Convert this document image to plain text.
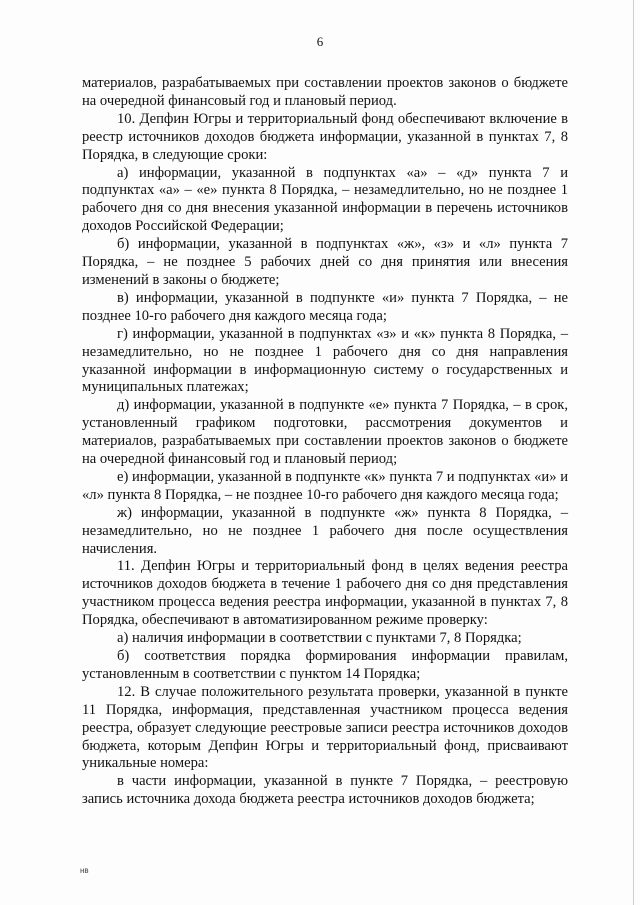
6

материалов, разрабатываемых при составлении проектов законов о бюджете на очередной финансовый год и плановый период.

10. Депфин Югры и территориальный фонд обеспечивают включение в реестр источников доходов бюджета информации, указанной в пунктах 7, 8 Порядка, в следующие сроки:

а) информации, указанной в подпунктах «а» – «д» пункта 7 и подпунктах «а» – «е» пункта 8 Порядка, – незамедлительно, но не позднее 1 рабочего дня со дня внесения указанной информации в перечень источников доходов Российской Федерации;

б) информации, указанной в подпунктах «ж», «з» и «л» пункта 7 Порядка, – не позднее 5 рабочих дней со дня принятия или внесения изменений в законы о бюджете;

в) информации, указанной в подпункте «и» пункта 7 Порядка, – не позднее 10-го рабочего дня каждого месяца года;

г) информации, указанной в подпунктах «з» и «к» пункта 8 Порядка, – незамедлительно, но не позднее 1 рабочего дня со дня направления указанной информации в информационную систему о государственных и муниципальных платежах;

д) информации, указанной в подпункте «е» пункта 7 Порядка, – в срок, установленный графиком подготовки, рассмотрения документов и материалов, разрабатываемых при составлении проектов законов о бюджете на очередной финансовый год и плановый период;

е) информации, указанной в подпункте «к» пункта 7 и подпунктах «и» и «л» пункта 8 Порядка, – не позднее 10-го рабочего дня каждого месяца года;

ж) информации, указанной в подпункте «ж» пункта 8 Порядка, – незамедлительно, но не позднее 1 рабочего дня после осуществления начисления.

11. Депфин Югры и территориальный фонд в целях ведения реестра источников доходов бюджета в течение 1 рабочего дня со дня представления участником процесса ведения реестра информации, указанной в пунктах 7, 8 Порядка, обеспечивают в автоматизированном режиме проверку:

а) наличия информации в соответствии с пунктами 7, 8 Порядка;

б) соответствия порядка формирования информации правилам, установленным в соответствии с пунктом 14 Порядка;

12. В случае положительного результата проверки, указанной в пункте 11 Порядка, информация, представленная участником процесса ведения реестра, образует следующие реестровые записи реестра источников доходов бюджета, которым Депфин Югры и территориальный фонд, присваивают уникальные номера:

в части информации, указанной в пункте 7 Порядка, – реестровую запись источника дохода бюджета реестра источников доходов бюджета;

нв
